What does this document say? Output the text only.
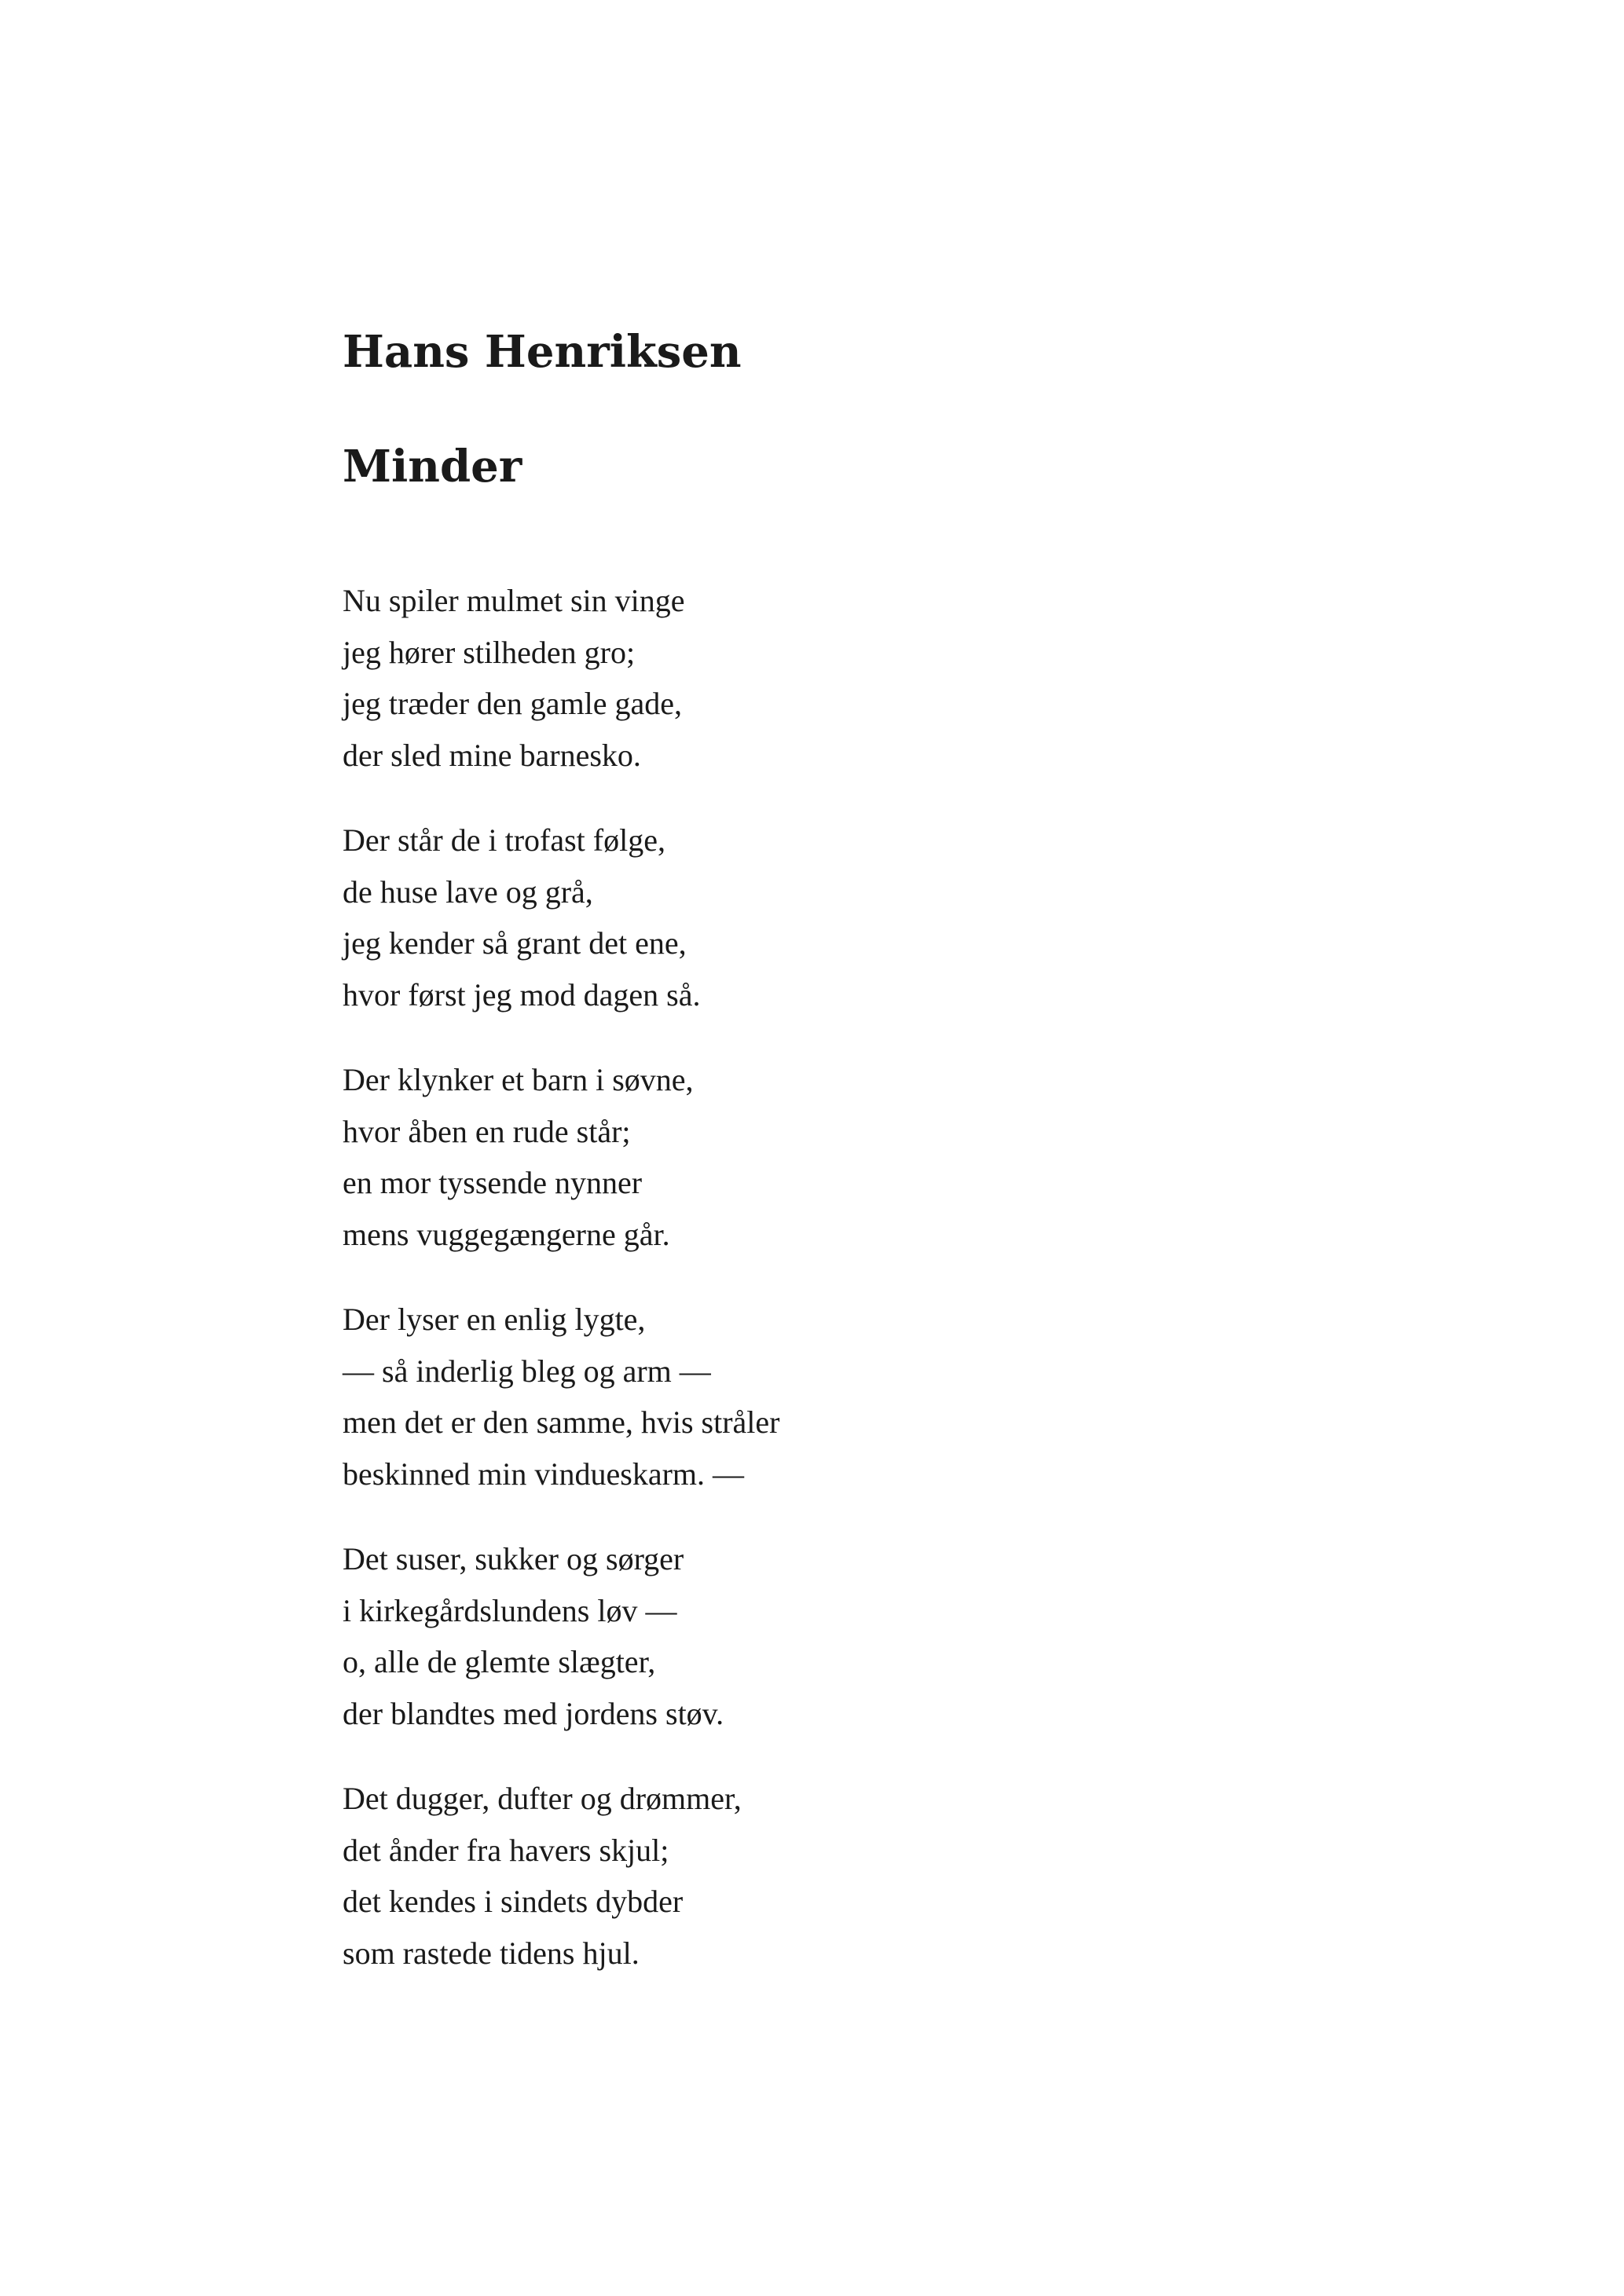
Hans Henriksen
Minder
Nu spiler mulmet sin vinge
jeg hører stilheden gro;
jeg træder den gamle gade,
der sled mine barnesko.
Der står de i trofast følge,
de huse lave og grå,
jeg kender så grant det ene,
hvor først jeg mod dagen så.
Der klynker et barn i søvne,
hvor åben en rude står;
en mor tyssende nynner
mens vuggegængerne går.
Der lyser en enlig lygte,
— så inderlig bleg og arm —
men det er den samme, hvis stråler
beskinned min vindueskarm. —
Det suser, sukker og sørger
i kirkegårdslundens løv —
o, alle de glemte slægter,
der blandtes med jordens støv.
Det dugger, dufter og drømmer,
det ånder fra havers skjul;
det kendes i sindets dybder
som rastede tidens hjul.
